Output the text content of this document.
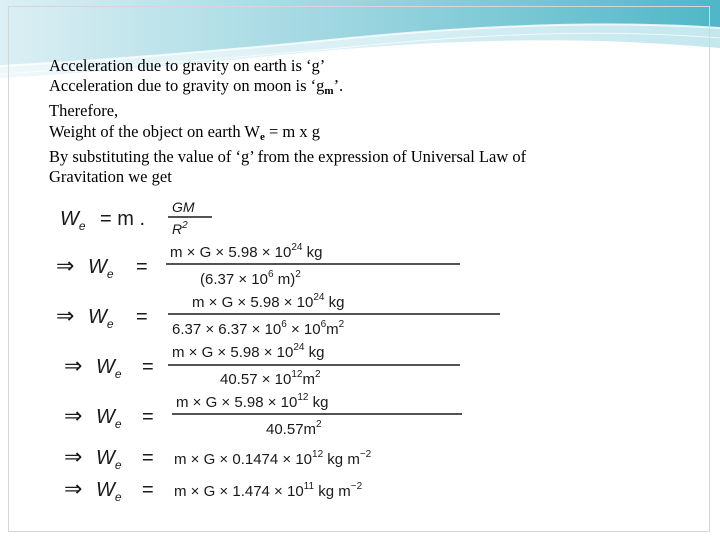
Acceleration due to gravity on earth is ‘g’
Acceleration due to gravity on moon is ‘$g_m$’.
Therefore,
Weight of the object on earth $W_e = m$ x g
By substituting the value of ‘g’ from the expression of Universal Law of
Gravitation we get
$W_e = m$ .
GM
$R^2$
⇒ $W_e$ =
$m \times G \times 5.98 \times 10^{24}$ kg
($6.37 \times 10^6$ m)$^2$
⇒ $W_e$ =
$m \times G \times 5.98 \times 10^{24}$ kg
$6.37 \times 6.37 \times 10^6 \times 10^6m^2$
⇒ $W_e$ =
$m \times G \times 5.98 \times 10^{24}$ kg
$40.57 \times 10^{12}m^2$
⇒ $W_e$ =
$m \times G \times 5.98 \times 10^{12}$ kg
$40.57m^2$
⇒ $W_e = m \times G \times 0.1474 \times 10^{12}$ kg $m^{-2}$
⇒ $W_e = m \times G \times 1.474 \times 10^{11}$ kg $m^{-2}$
